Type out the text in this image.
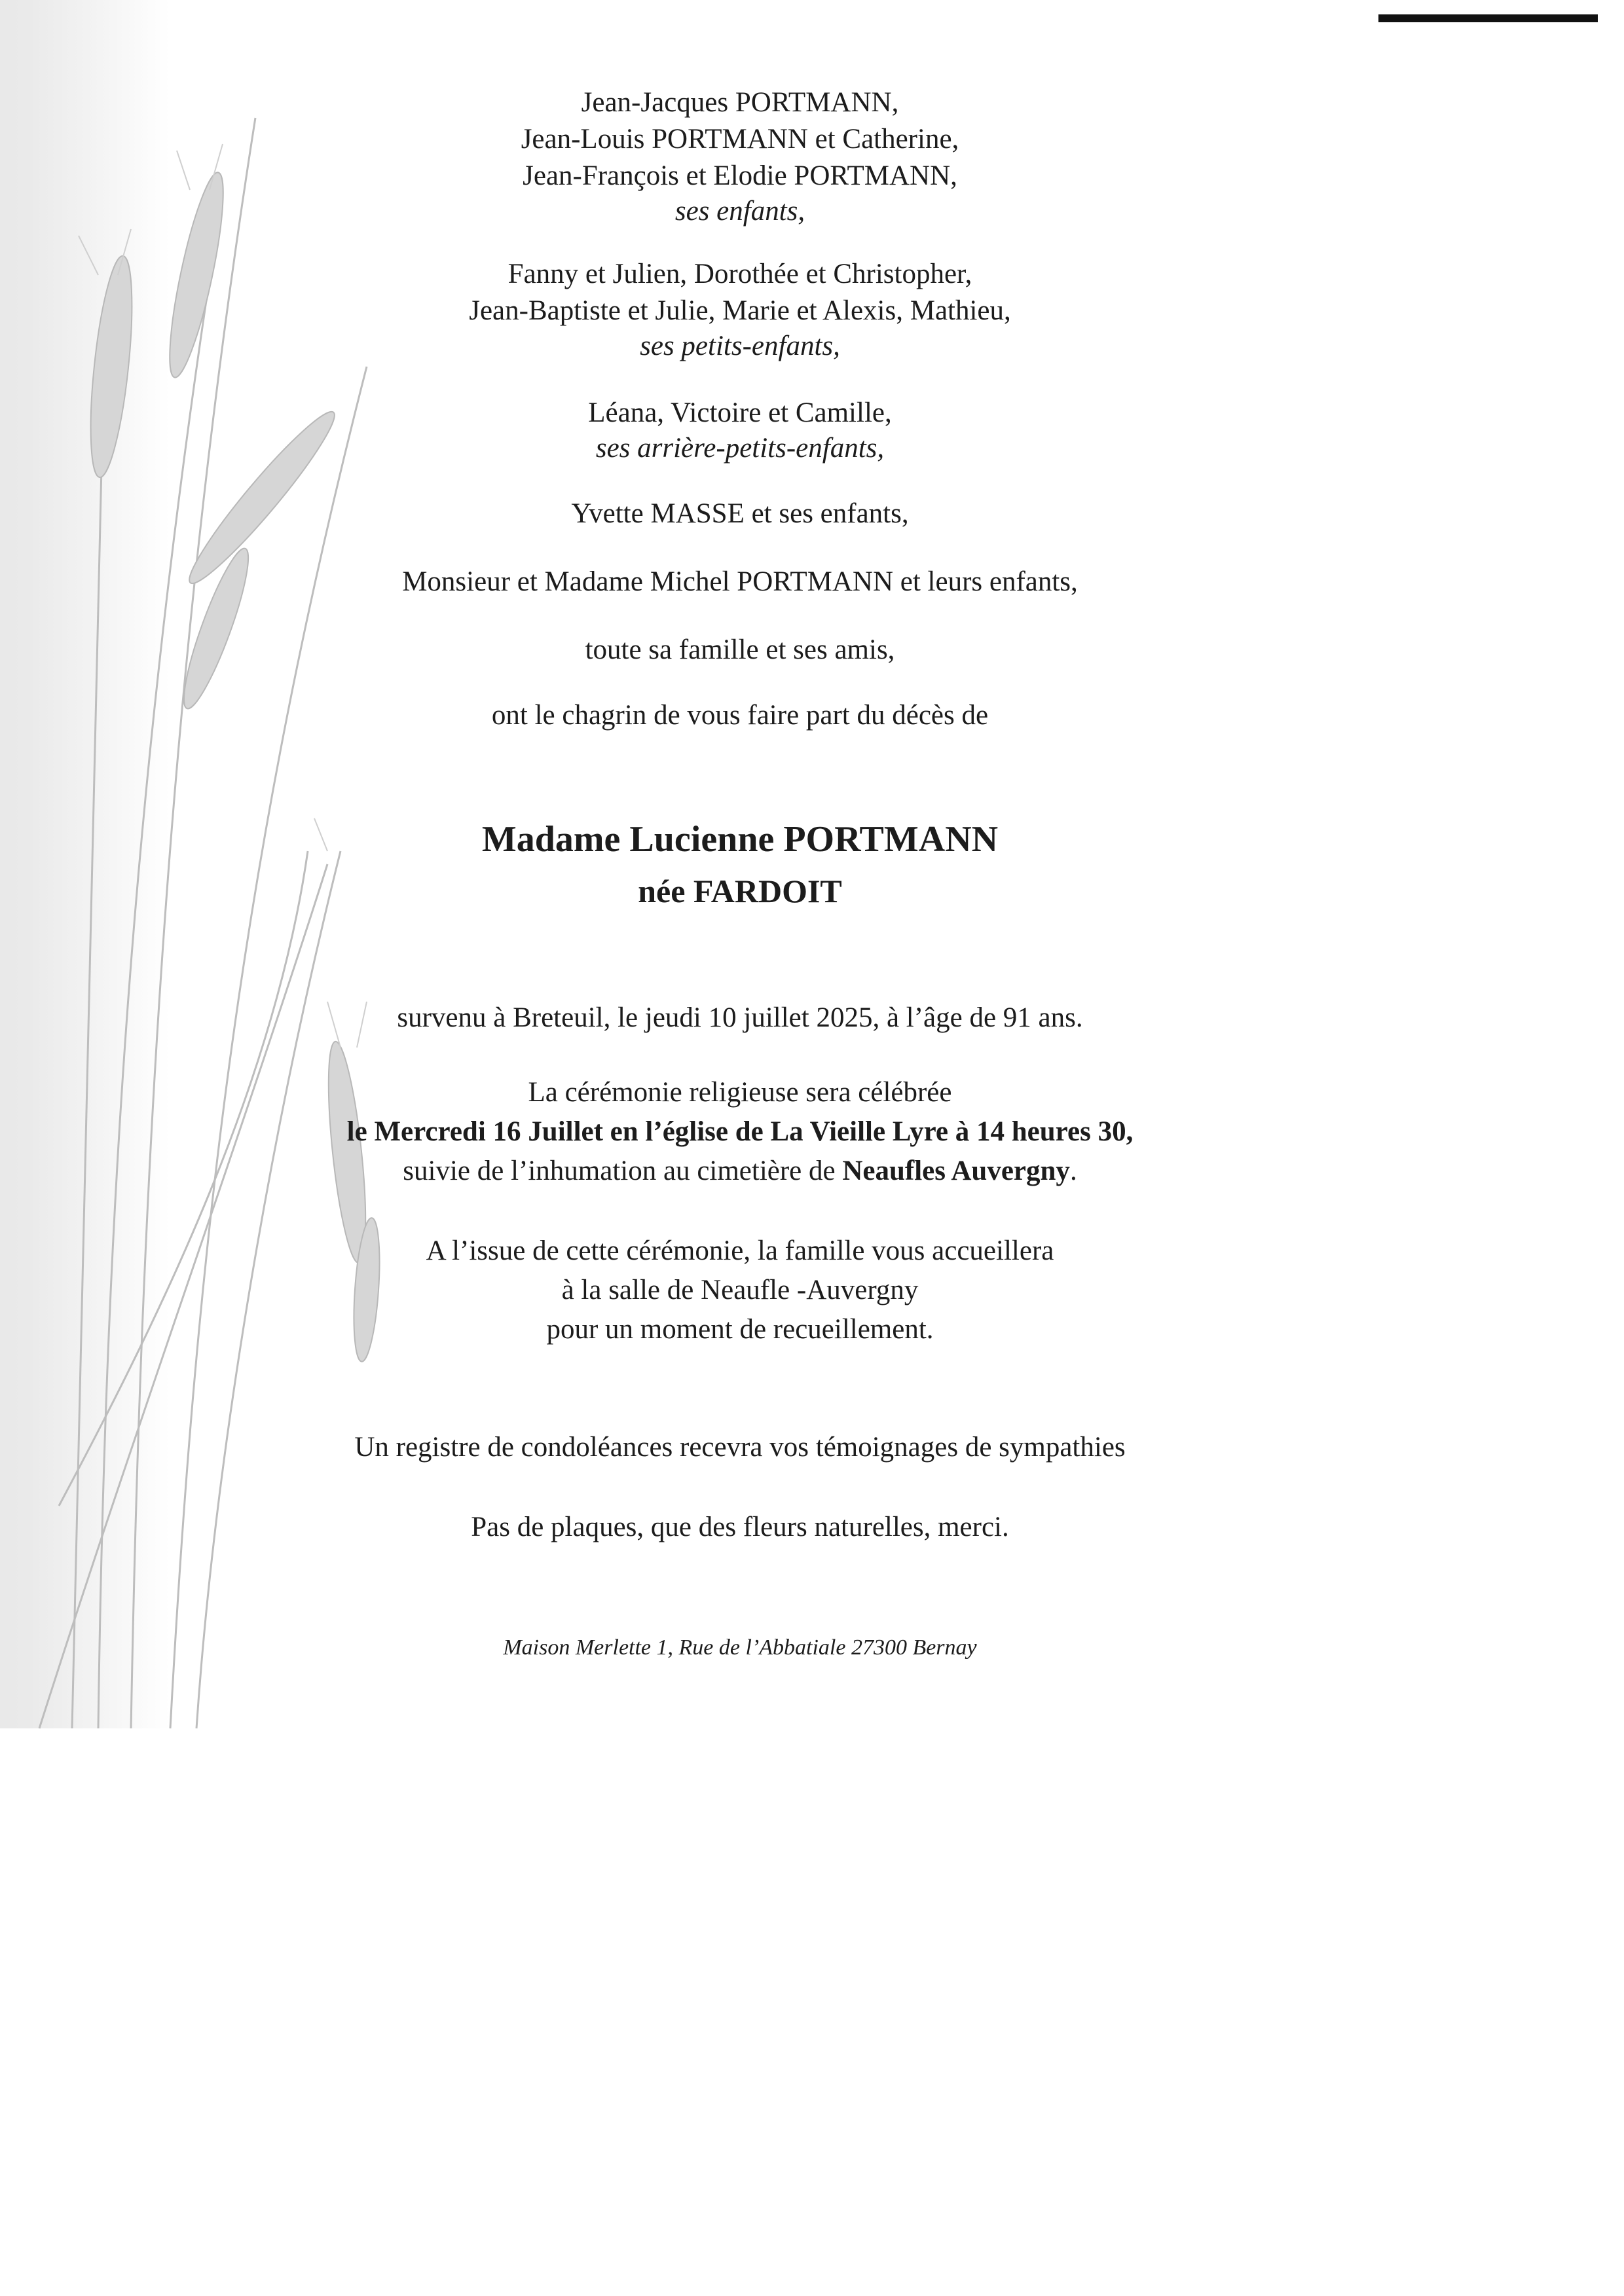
Jean-Jacques PORTMANN,
Jean-Louis PORTMANN et Catherine,
Jean-François et Elodie PORTMANN,
ses enfants,
Fanny et Julien, Dorothée et Christopher,
Jean-Baptiste et Julie, Marie et Alexis, Mathieu,
ses petits-enfants,
Léana, Victoire et Camille,
ses arrière-petits-enfants,
Yvette MASSE et ses enfants,
Monsieur et Madame Michel PORTMANN et leurs enfants,
toute sa famille et ses amis,
ont le chagrin de vous faire part du décès de
Madame Lucienne PORTMANN
née FARDOIT
survenu à Breteuil, le jeudi 10 juillet 2025, à l’âge de 91 ans.
La cérémonie religieuse sera célébrée
le Mercredi 16 Juillet en l’église de La Vieille Lyre à 14 heures 30,
suivie de l’inhumation au cimetière de Neaufles Auvergny.
A l’issue de cette cérémonie, la famille vous accueillera
à la salle de Neaufle -Auvergny
pour un moment de recueillement.
Un registre de condoléances recevra vos témoignages de sympathies
Pas de plaques, que des fleurs naturelles, merci.
Maison Merlette 1, Rue de l’Abbatiale 27300 Bernay
